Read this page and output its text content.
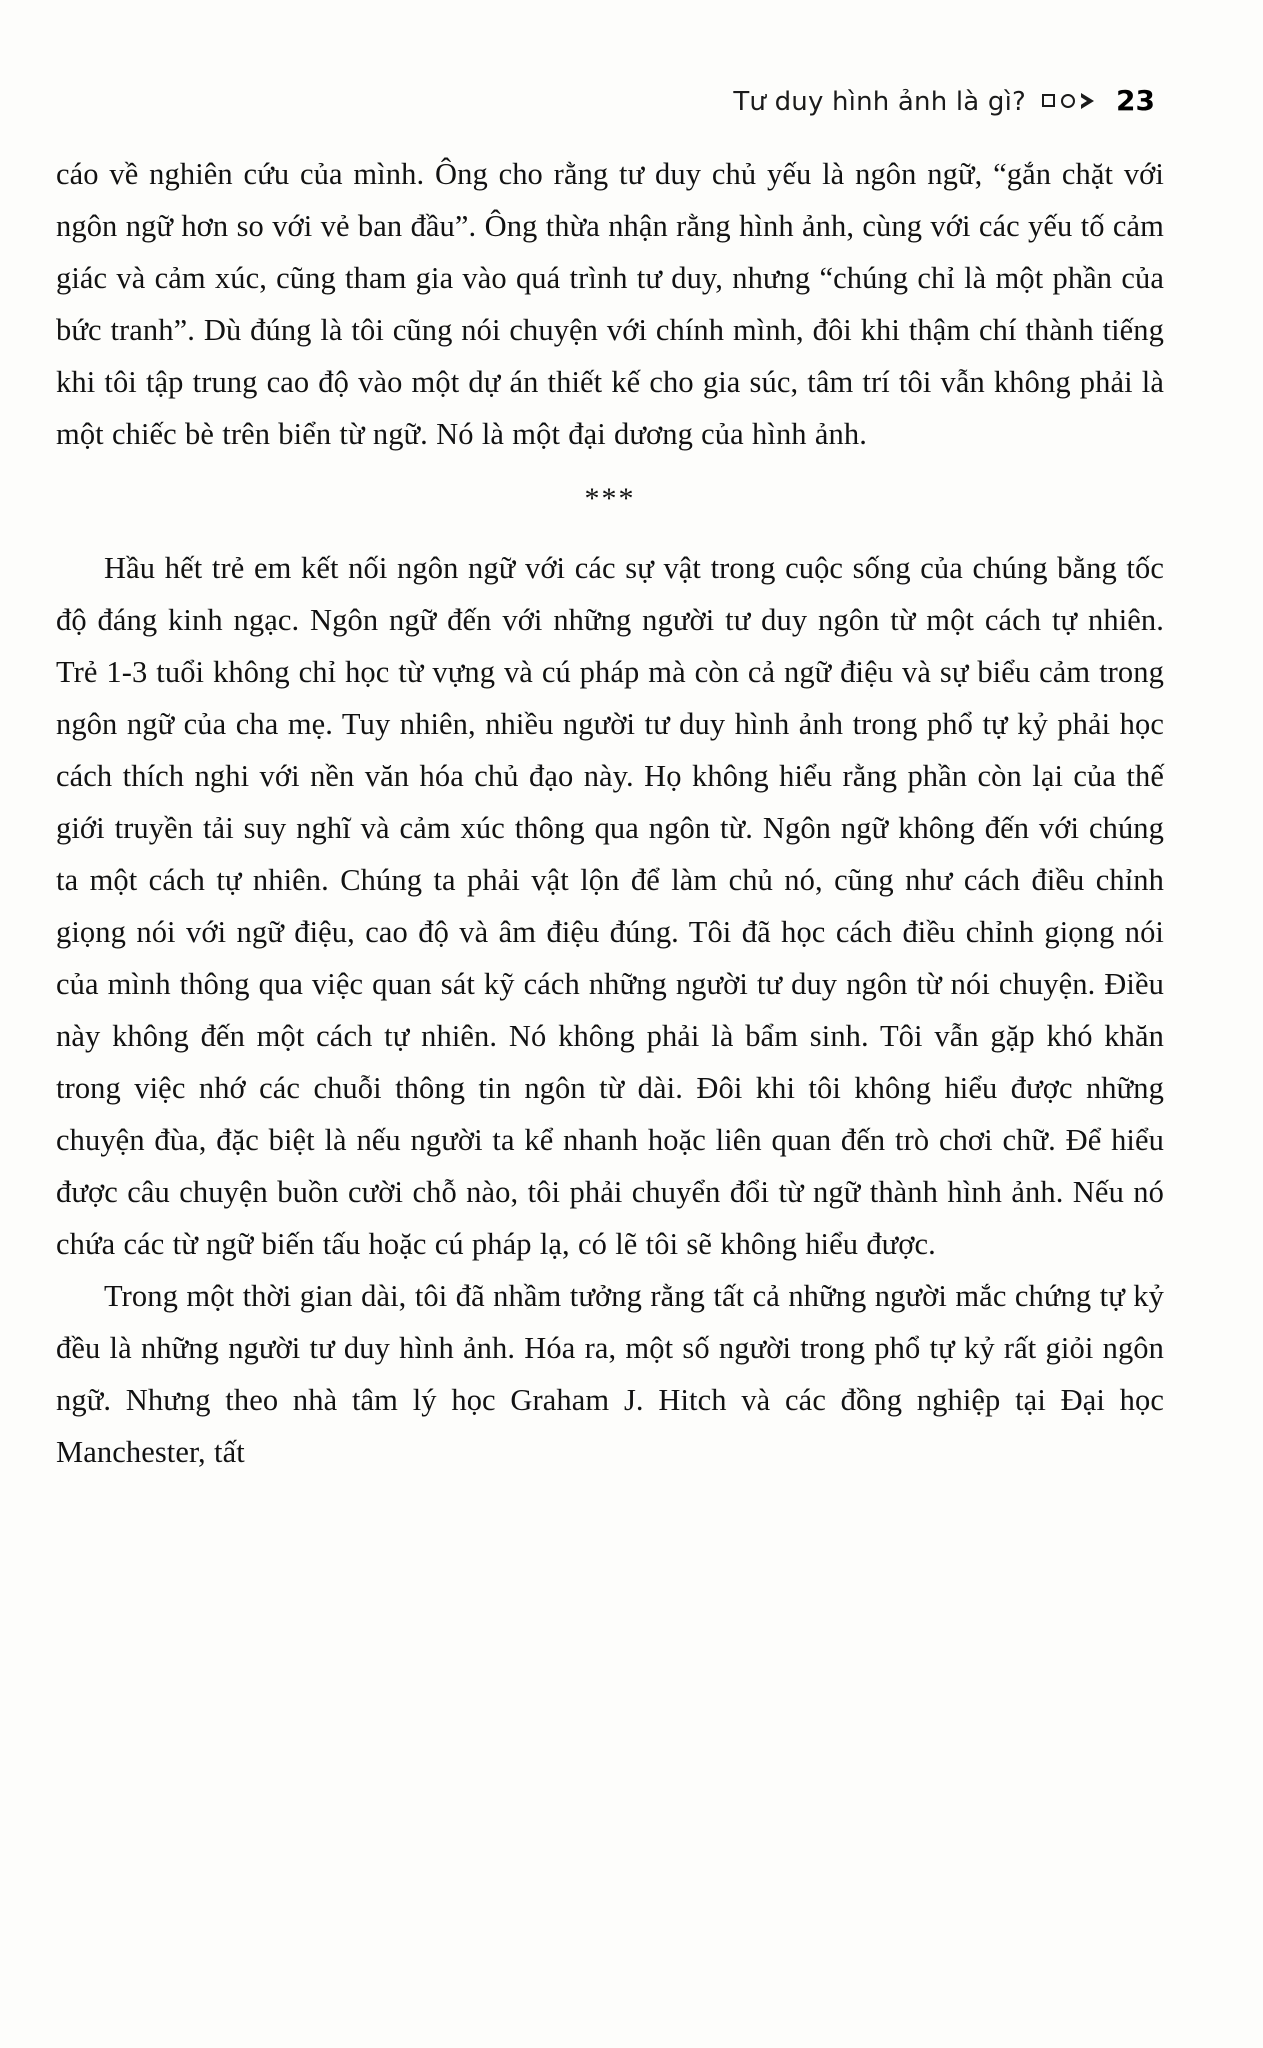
Tư duy hình ảnh là gì?	23

cáo về nghiên cứu của mình. Ông cho rằng tư duy chủ yếu là ngôn ngữ, “gắn chặt với ngôn ngữ hơn so với vẻ ban đầu”. Ông thừa nhận rằng hình ảnh, cùng với các yếu tố cảm giác và cảm xúc, cũng tham gia vào quá trình tư duy, nhưng “chúng chỉ là một phần của bức tranh”. Dù đúng là tôi cũng nói chuyện với chính mình, đôi khi thậm chí thành tiếng khi tôi tập trung cao độ vào một dự án thiết kế cho gia súc, tâm trí tôi vẫn không phải là một chiếc bè trên biển từ ngữ. Nó là một đại dương của hình ảnh.

***

Hầu hết trẻ em kết nối ngôn ngữ với các sự vật trong cuộc sống của chúng bằng tốc độ đáng kinh ngạc. Ngôn ngữ đến với những người tư duy ngôn từ một cách tự nhiên. Trẻ 1-3 tuổi không chỉ học từ vựng và cú pháp mà còn cả ngữ điệu và sự biểu cảm trong ngôn ngữ của cha mẹ. Tuy nhiên, nhiều người tư duy hình ảnh trong phổ tự kỷ phải học cách thích nghi với nền văn hóa chủ đạo này. Họ không hiểu rằng phần còn lại của thế giới truyền tải suy nghĩ và cảm xúc thông qua ngôn từ. Ngôn ngữ không đến với chúng ta một cách tự nhiên. Chúng ta phải vật lộn để làm chủ nó, cũng như cách điều chỉnh giọng nói với ngữ điệu, cao độ và âm điệu đúng. Tôi đã học cách điều chỉnh giọng nói của mình thông qua việc quan sát kỹ cách những người tư duy ngôn từ nói chuyện. Điều này không đến một cách tự nhiên. Nó không phải là bẩm sinh. Tôi vẫn gặp khó khăn trong việc nhớ các chuỗi thông tin ngôn từ dài. Đôi khi tôi không hiểu được những chuyện đùa, đặc biệt là nếu người ta kể nhanh hoặc liên quan đến trò chơi chữ. Để hiểu được câu chuyện buồn cười chỗ nào, tôi phải chuyển đổi từ ngữ thành hình ảnh. Nếu nó chứa các từ ngữ biến tấu hoặc cú pháp lạ, có lẽ tôi sẽ không hiểu được.

Trong một thời gian dài, tôi đã nhầm tưởng rằng tất cả những người mắc chứng tự kỷ đều là những người tư duy hình ảnh. Hóa ra, một số người trong phổ tự kỷ rất giỏi ngôn ngữ. Nhưng theo nhà tâm lý học Graham J. Hitch và các đồng nghiệp tại Đại học Manchester, tất
